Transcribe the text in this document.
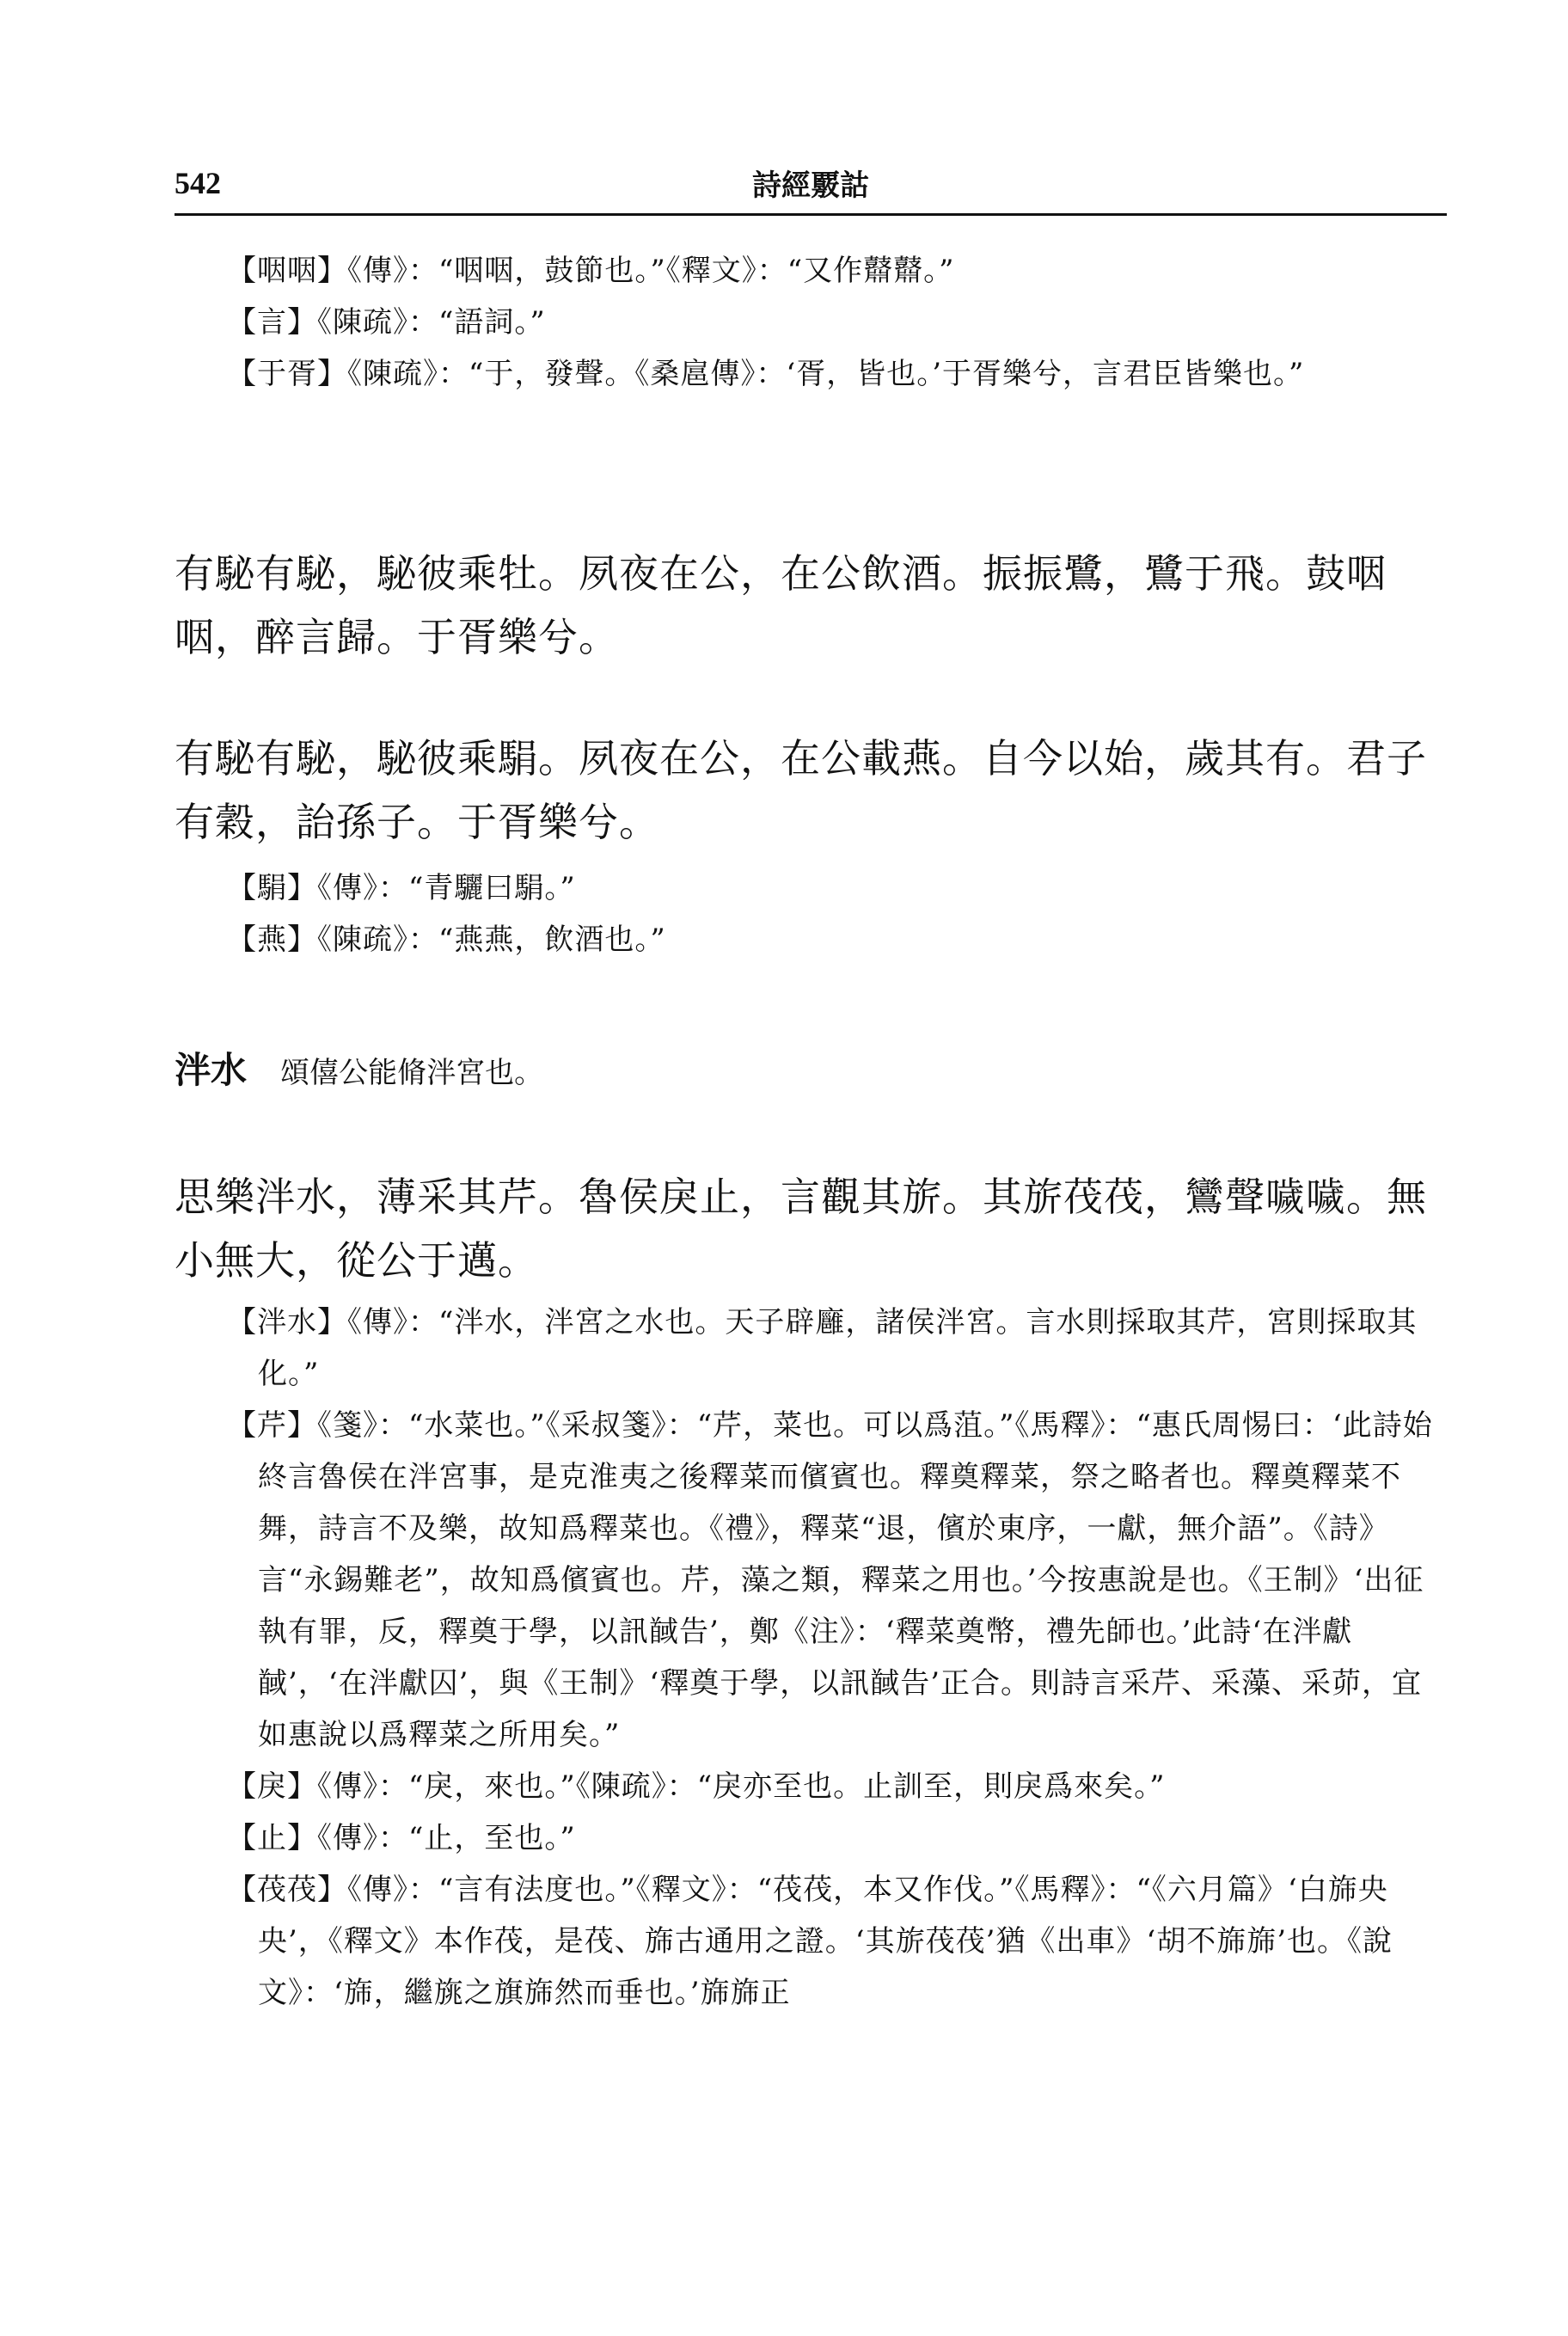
542	詩經覈詁

【咽咽】《傳》：“咽咽，鼓節也。”《釋文》：“又作鼘鼘。”

【言】《陳疏》：“語詞。”

【于胥】《陳疏》：“于，發聲。《桑扈傳》：‘胥，皆也。’于胥樂兮，言君臣皆樂也。”

有駜有駜，駜彼乘牡。夙夜在公，在公飲酒。振振鷺，鷺于飛。鼓咽咽，醉言歸。于胥樂兮。

有駜有駜，駜彼乘駽。夙夜在公，在公載燕。自今以始，歲其有。君子有穀，詒孫子。于胥樂兮。

【駽】《傳》：“青驪曰駽。”

【燕】《陳疏》：“燕燕，飲酒也。”

泮水 頌僖公能脩泮宮也。

思樂泮水，薄采其芹。魯侯戾止，言觀其旂。其旂茷茷，鸞聲噦噦。無小無大，從公于邁。

【泮水】《傳》：“泮水，泮宮之水也。天子辟廱，諸侯泮宮。言水則採取其芹，宮則採取其化。”

【芹】《箋》：“水菜也。”《采叔箋》：“芹，菜也。可以爲菹。”《馬釋》：“惠氏周惕曰：‘此詩始終言魯侯在泮宮事，是克淮夷之後釋菜而儐賓也。釋奠釋菜，祭之略者也。釋奠釋菜不舞，詩言不及樂，故知爲釋菜也。《禮》，釋菜“退，儐於東序，一獻，無介語”。《詩》言“永錫難老”，故知爲儐賓也。芹，藻之類，釋菜之用也。’今按惠說是也。《王制》‘出征執有罪，反，釋奠于學，以訊馘告’，鄭《注》：‘釋菜奠幣，禮先師也。’此詩‘在泮獻馘’，‘在泮獻囚’，與《王制》‘釋奠于學，以訊馘告’正合。則詩言采芹、采藻、采茆，宜如惠說以爲釋菜之所用矣。”

【戾】《傳》：“戾，來也。”《陳疏》：“戾亦至也。止訓至，則戾爲來矣。”

【止】《傳》：“止，至也。”

【茷茷】《傳》：“言有法度也。”《釋文》：“茷茷，本又作伐。”《馬釋》：“《六月篇》‘白旆央央’，《釋文》本作茷，是茷、旆古通用之證。‘其旂茷茷’猶《出車》‘胡不旆旆’也。《說文》：‘旆，繼旐之旗旆然而垂也。’旆旆正
